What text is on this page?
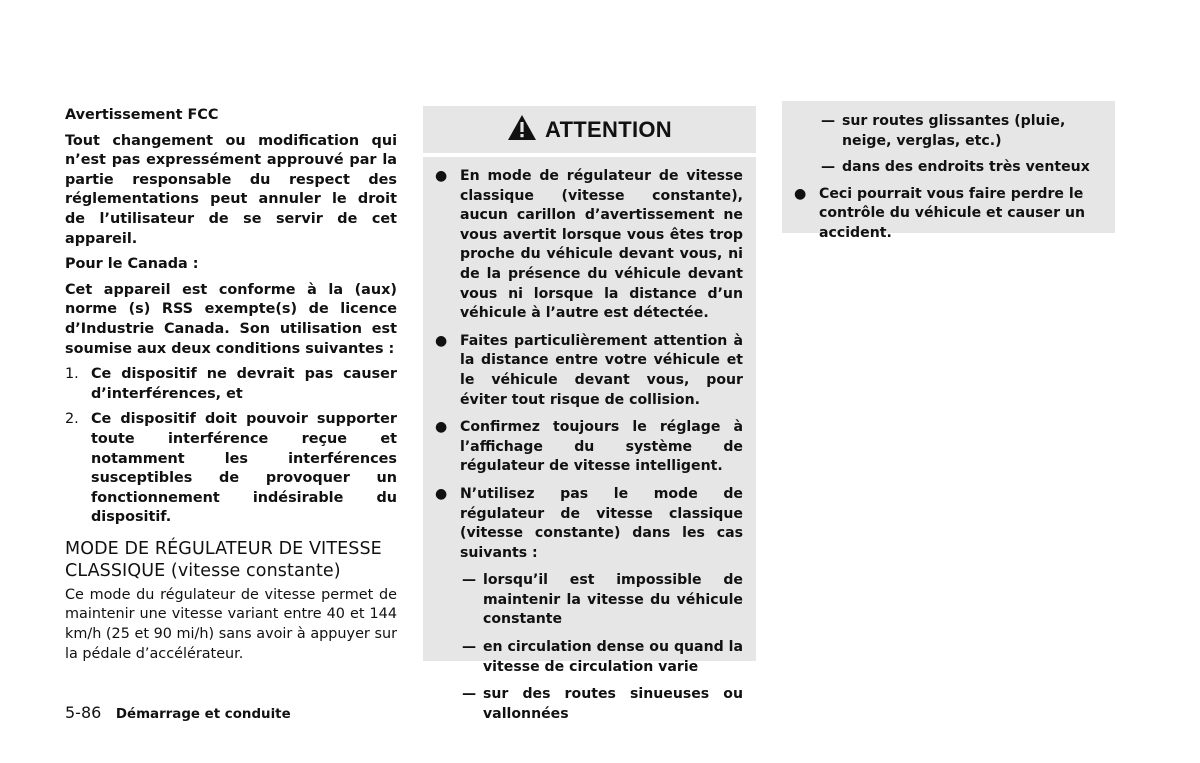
Avertissement FCC

Tout changement ou modification qui n’est pas expressément approuvé par la partie responsable du respect des réglementations peut annuler le droit de l’utilisateur de se servir de cet appareil.

Pour le Canada :

Cet appareil est conforme à la (aux) norme (s) RSS exempte(s) de licence d’Industrie Canada. Son utilisation est soumise aux deux conditions suivantes :

1. Ce dispositif ne devrait pas causer d’interférences, et
2. Ce dispositif doit pouvoir supporter toute interférence reçue et notamment les interférences susceptibles de provoquer un fonctionnement indésirable du dispositif.
MODE DE RÉGULATEUR DE VITESSE
CLASSIQUE (vitesse constante)

Ce mode du régulateur de vitesse permet de maintenir une vitesse variant entre 40 et 144 km/h (25 et 90 mi/h) sans avoir à appuyer sur la pédale d’accélérateur.

ATTENTION
● En mode de régulateur de vitesse classique (vitesse constante), aucun carillon d’avertissement ne vous avertit lorsque vous êtes trop proche du véhicule devant vous, ni de la présence du véhicule devant vous ni lorsque la distance d’un véhicule à l’autre est détectée.
● Faites particulièrement attention à la distance entre votre véhicule et le véhicule devant vous, pour éviter tout risque de collision.
● Confirmez toujours le réglage à l’affichage du système de régulateur de vitesse intelligent.
● N’utilisez pas le mode de régulateur de vitesse classique (vitesse constante) dans les cas suivants :
— lorsqu’il est impossible de maintenir la vitesse du véhicule constante
— en circulation dense ou quand la vitesse de circulation varie
— sur des routes sinueuses ou vallonnées
— sur routes glissantes (pluie, neige, verglas, etc.)
— dans des endroits très venteux
● Ceci pourrait vous faire perdre le contrôle du véhicule et causer un accident.
5-86 Démarrage et conduite
